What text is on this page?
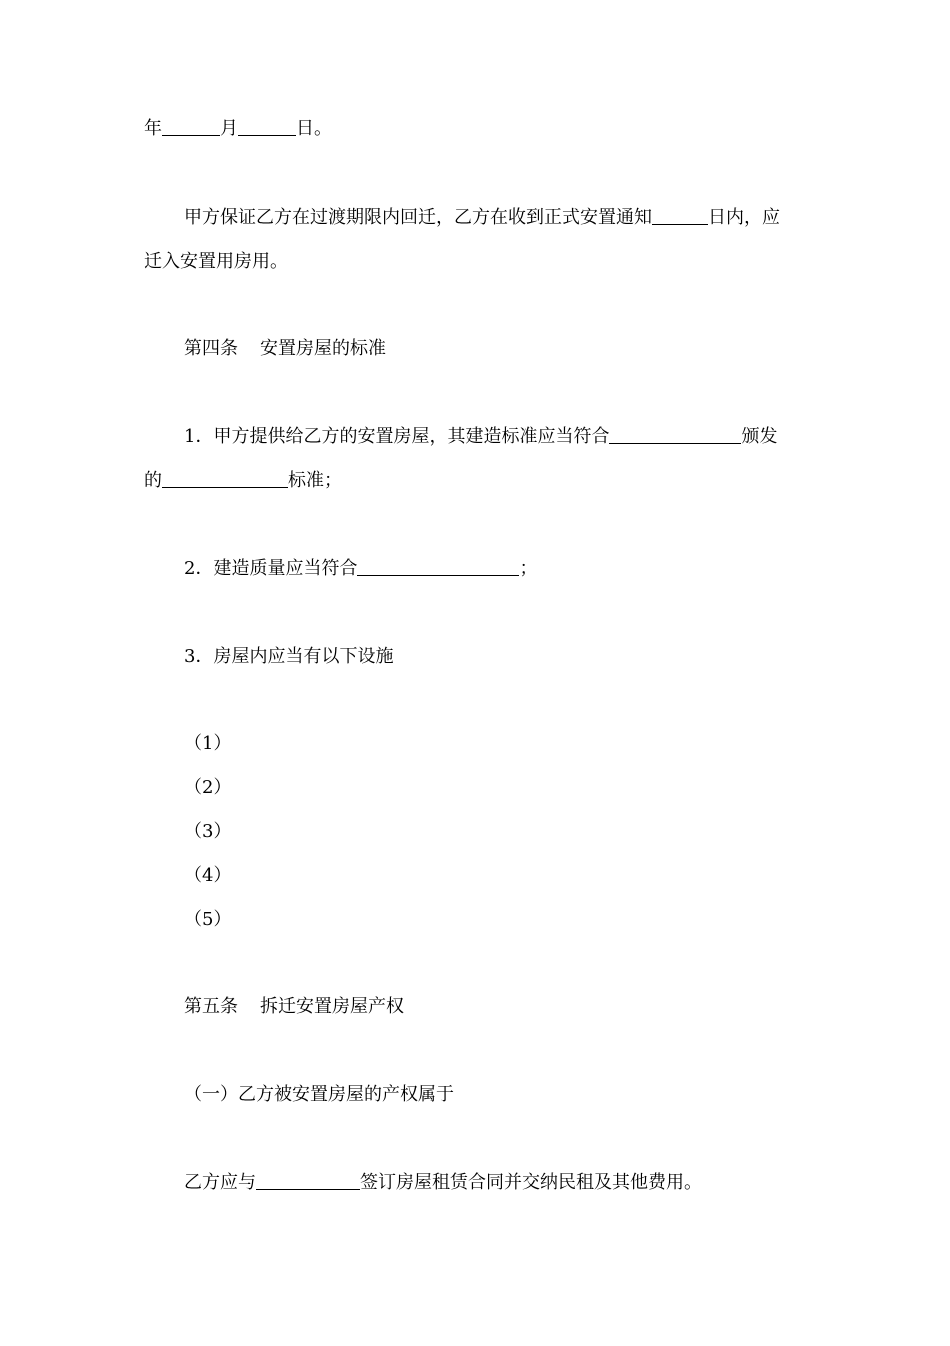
年	月	日。
甲方保证乙方在过渡期限内回迁，乙方在收到正式安置通知	日内，应
迁入安置用房用。
第四条 安置房屋的标准
1．甲方提供给乙方的安置房屋，其建造标准应当符合	颁发
的	标准；
2．建造质量应当符合	；
3．房屋内应当有以下设施
（1）
（2）
（3）
（4）
（5）
第五条 拆迁安置房屋产权
（一）乙方被安置房屋的产权属于
乙方应与	签订房屋租赁合同并交纳民租及其他费用。
